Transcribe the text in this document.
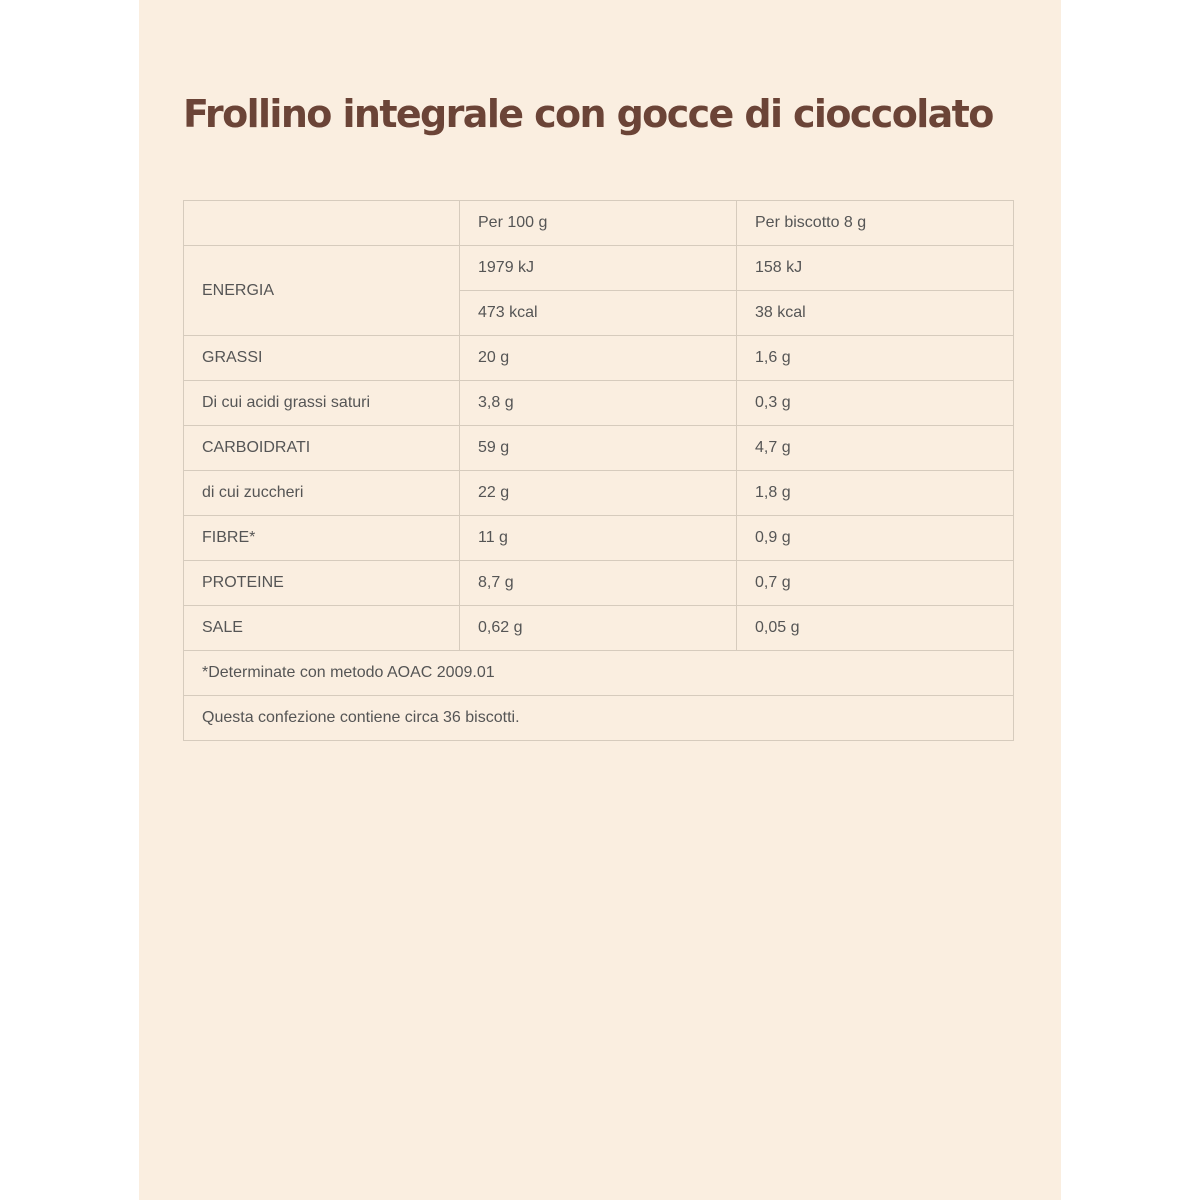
Frollino integrale con gocce di cioccolato
	Per 100 g	Per biscotto 8 g
ENERGIA	1979 kJ	158 kJ
	473 kcal	38 kcal
GRASSI	20 g	1,6 g
Di cui acidi grassi saturi	3,8 g	0,3 g
CARBOIDRATI	59 g	4,7 g
di cui zuccheri	22 g	1,8 g
FIBRE*	11 g	0,9 g
PROTEINE	8,7 g	0,7 g
SALE	0,62 g	0,05 g
*Determinate con metodo AOAC 2009.01		
Questa confezione contiene circa 36 biscotti.		
